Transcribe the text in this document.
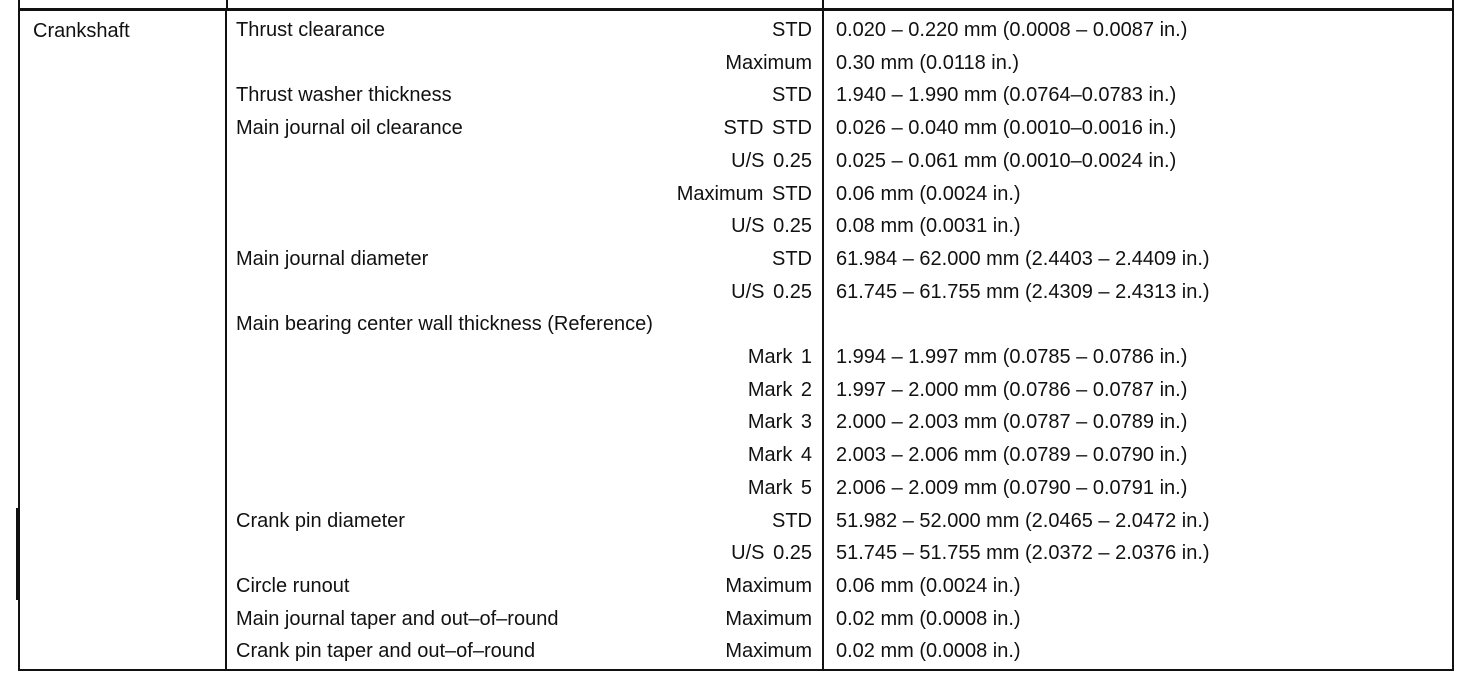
Crankshaft	Thrust clearance	STD 0.020 – 0.220 mm (0.0008 – 0.0087 in.)
Maximum 0.30 mm (0.0118 in.)
Thrust washer thickness	STD 1.940 – 1.990 mm (0.0764–0.0783 in.)
Main journal oil clearance	STD STD 0.026 – 0.040 mm (0.0010–0.0016 in.)
U/S 0.25 0.025 – 0.061 mm (0.0010–0.0024 in.)
Maximum STD 0.06 mm (0.0024 in.)
U/S 0.25 0.08 mm (0.0031 in.)
Main journal diameter	STD 61.984 – 62.000 mm (2.4403 – 2.4409 in.)
U/S 0.25 61.745 – 61.755 mm (2.4309 – 2.4313 in.)
Main bearing center wall thickness (Reference)
Mark 1 1.994 – 1.997 mm (0.0785 – 0.0786 in.)
Mark 2 1.997 – 2.000 mm (0.0786 – 0.0787 in.)
Mark 3 2.000 – 2.003 mm (0.0787 – 0.0789 in.)
Mark 4 2.003 – 2.006 mm (0.0789 – 0.0790 in.)
Mark 5 2.006 – 2.009 mm (0.0790 – 0.0791 in.)
Crank pin diameter	STD 51.982 – 52.000 mm (2.0465 – 2.0472 in.)
U/S 0.25 51.745 – 51.755 mm (2.0372 – 2.0376 in.)
Circle runout	Maximum 0.06 mm (0.0024 in.)
Main journal taper and out–of–round	Maximum 0.02 mm (0.0008 in.)
Crank pin taper and out–of–round	Maximum 0.02 mm (0.0008 in.)
